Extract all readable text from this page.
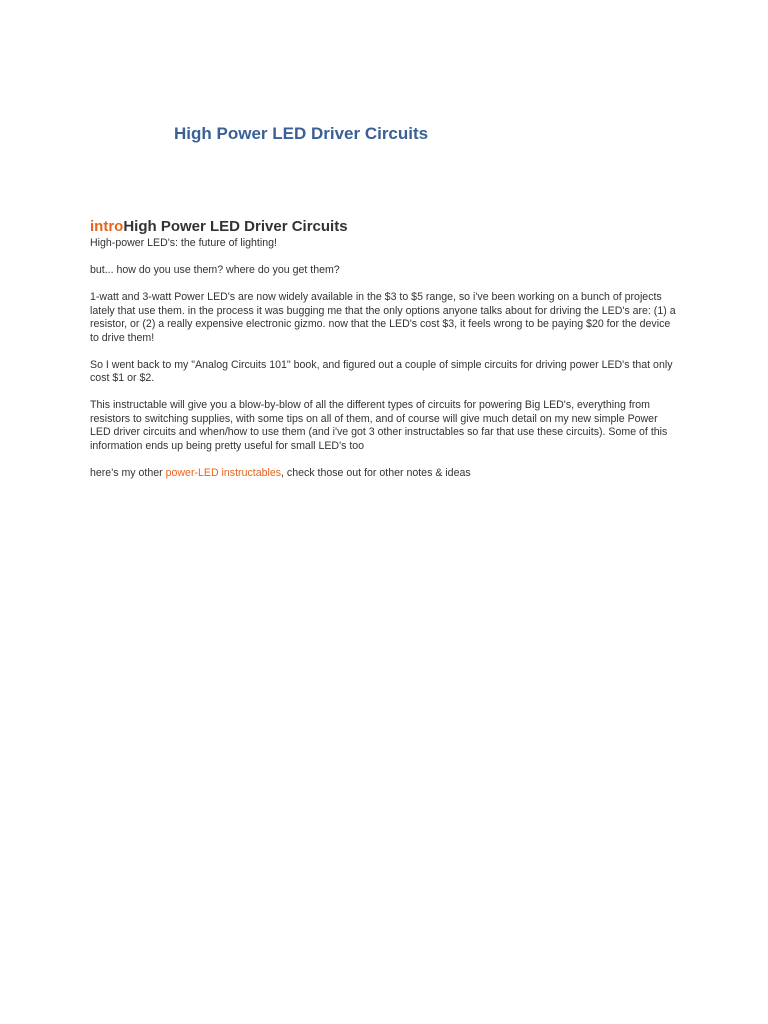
High Power LED Driver Circuits
introHigh Power LED Driver Circuits

High-power LED's: the future of lighting!

but... how do you use them? where do you get them?

1-watt and 3-watt Power LED's are now widely available in the $3 to $5 range, so i've been working on a bunch of projects lately that use them. in the process it was bugging me that the only options anyone talks about for driving the LED's are: (1) a resistor, or (2) a really expensive electronic gizmo. now that the LED's cost $3, it feels wrong to be paying $20 for the device to drive them!

So I went back to my "Analog Circuits 101" book, and figured out a couple of simple circuits for driving power LED's that only cost $1 or $2.

This instructable will give you a blow-by-blow of all the different types of circuits for powering Big LED's, everything from resistors to switching supplies, with some tips on all of them, and of course will give much detail on my new simple Power LED driver circuits and when/how to use them (and i've got 3 other instructables so far that use these circuits). Some of this information ends up being pretty useful for small LED's too

here's my other power-LED instructables, check those out for other notes & ideas
